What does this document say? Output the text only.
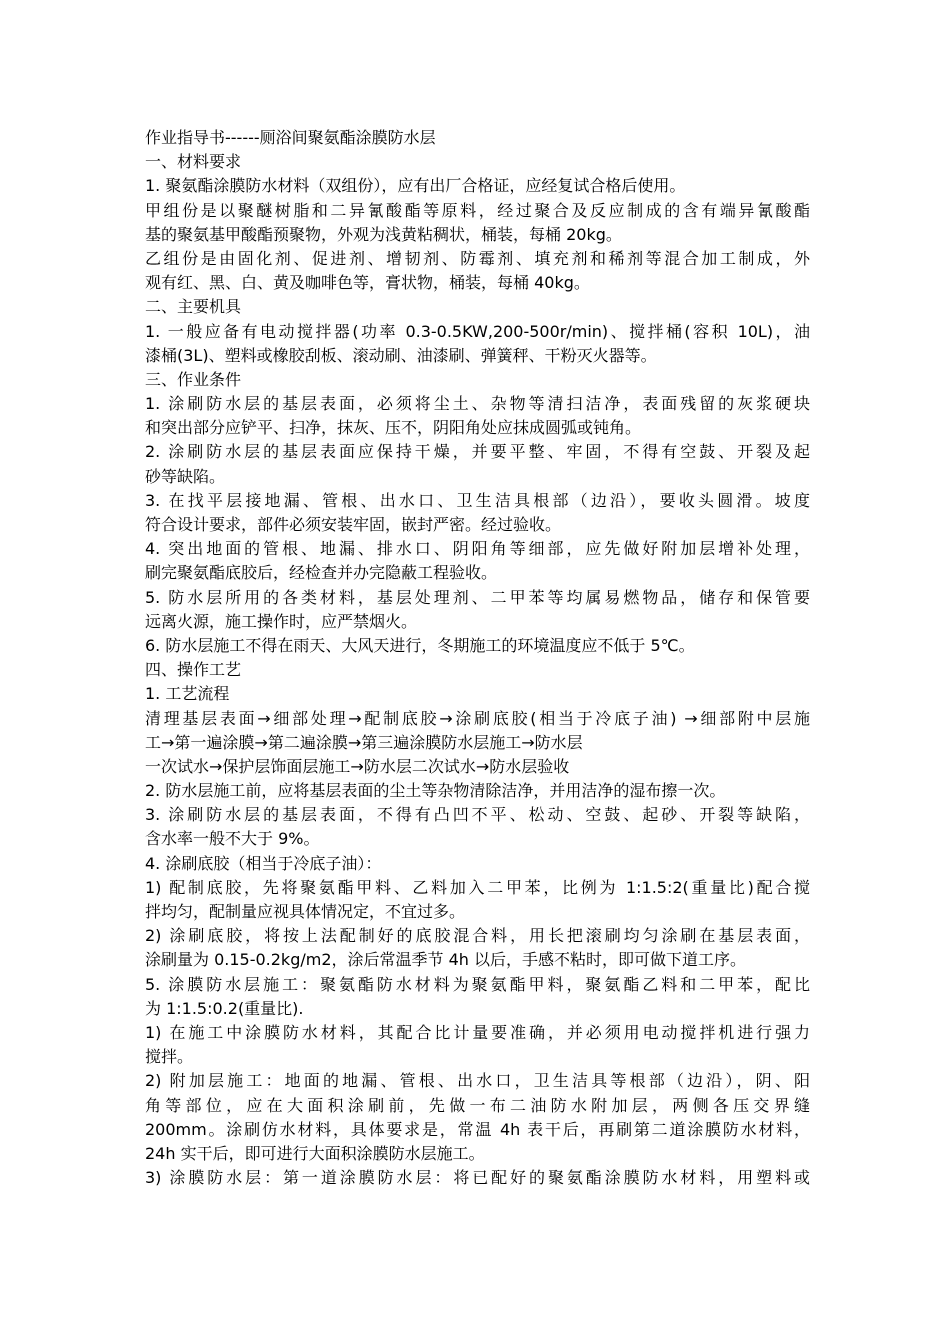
作业指导书------厕浴间聚氨酯涂膜防水层
一、材料要求
1. 聚氨酯涂膜防水材料（双组份），应有出厂合格证，应经复试合格后使用。
甲组份是以聚醚树脂和二异氰酸酯等原料，经过聚合及反应制成的含有端异氰酸酯
基的聚氨基甲酸酯预聚物，外观为浅黄粘稠状，桶装，每桶 20kg。
乙组份是由固化剂、促进剂、增韧剂、防霉剂、填充剂和稀剂等混合加工制成，外
观有红、黑、白、黄及咖啡色等，膏状物，桶装，每桶 40kg。
二、主要机具
1. 一般应备有电动搅拌器(功率 0.3-0.5KW,200-500r/min)、搅拌桶(容积 10L)，油
漆桶(3L)、塑料或橡胶刮板、滚动刷、油漆刷、弹簧秤、干粉灭火器等。
三、作业条件
1. 涂刷防水层的基层表面，必须将尘土、杂物等清扫洁净，表面残留的灰浆硬块
和突出部分应铲平、扫净，抹灰、压不，阴阳角处应抹成圆弧或钝角。
2. 涂刷防水层的基层表面应保持干燥，并要平整、牢固，不得有空鼓、开裂及起
砂等缺陷。
3. 在找平层接地漏、管根、出水口、卫生洁具根部（边沿），要收头圆滑。坡度
符合设计要求，部件必须安装牢固，嵌封严密。经过验收。
4. 突出地面的管根、地漏、排水口、阴阳角等细部，应先做好附加层增补处理，
刷完聚氨酯底胶后，经检查并办完隐蔽工程验收。
5. 防水层所用的各类材料，基层处理剂、二甲苯等均属易燃物品，储存和保管要
远离火源，施工操作时，应严禁烟火。
6. 防水层施工不得在雨天、大风天进行，冬期施工的环境温度应不低于 5℃。
四、操作工艺
1. 工艺流程
清理基层表面→细部处理→配制底胶→涂刷底胶(相当于冷底子油) →细部附中层施
工→第一遍涂膜→第二遍涂膜→第三遍涂膜防水层施工→防水层
一次试水→保护层饰面层施工→防水层二次试水→防水层验收
2. 防水层施工前，应将基层表面的尘土等杂物清除洁净，并用洁净的湿布擦一次。
3. 涂刷防水层的基层表面，不得有凸凹不平、松动、空鼓、起砂、开裂等缺陷，
含水率一般不大于 9%。
4. 涂刷底胶（相当于冷底子油）：
1) 配制底胶，先将聚氨酯甲料、乙料加入二甲苯，比例为 1:1.5:2(重量比)配合搅
拌均匀，配制量应视具体情况定，不宜过多。
2) 涂刷底胶，将按上法配制好的底胶混合料，用长把滚刷均匀涂刷在基层表面，
涂刷量为 0.15-0.2kg/m2，涂后常温季节 4h 以后，手感不粘时，即可做下道工序。
5. 涂膜防水层施工：聚氨酯防水材料为聚氨酯甲料，聚氨酯乙料和二甲苯，配比
为 1:1.5:0.2(重量比).
1) 在施工中涂膜防水材料，其配合比计量要准确，并必须用电动搅拌机进行强力
搅拌。
2) 附加层施工：地面的地漏、管根、出水口，卫生洁具等根部（边沿），阴、阳
角等部位，应在大面积涂刷前，先做一布二油防水附加层，两侧各压交界缝
200mm。涂刷仿水材料，具体要求是，常温 4h 表干后，再刷第二道涂膜防水材料，
24h 实干后，即可进行大面积涂膜防水层施工。
3) 涂膜防水层：第一道涂膜防水层：将已配好的聚氨酯涂膜防水材料，用塑料或
